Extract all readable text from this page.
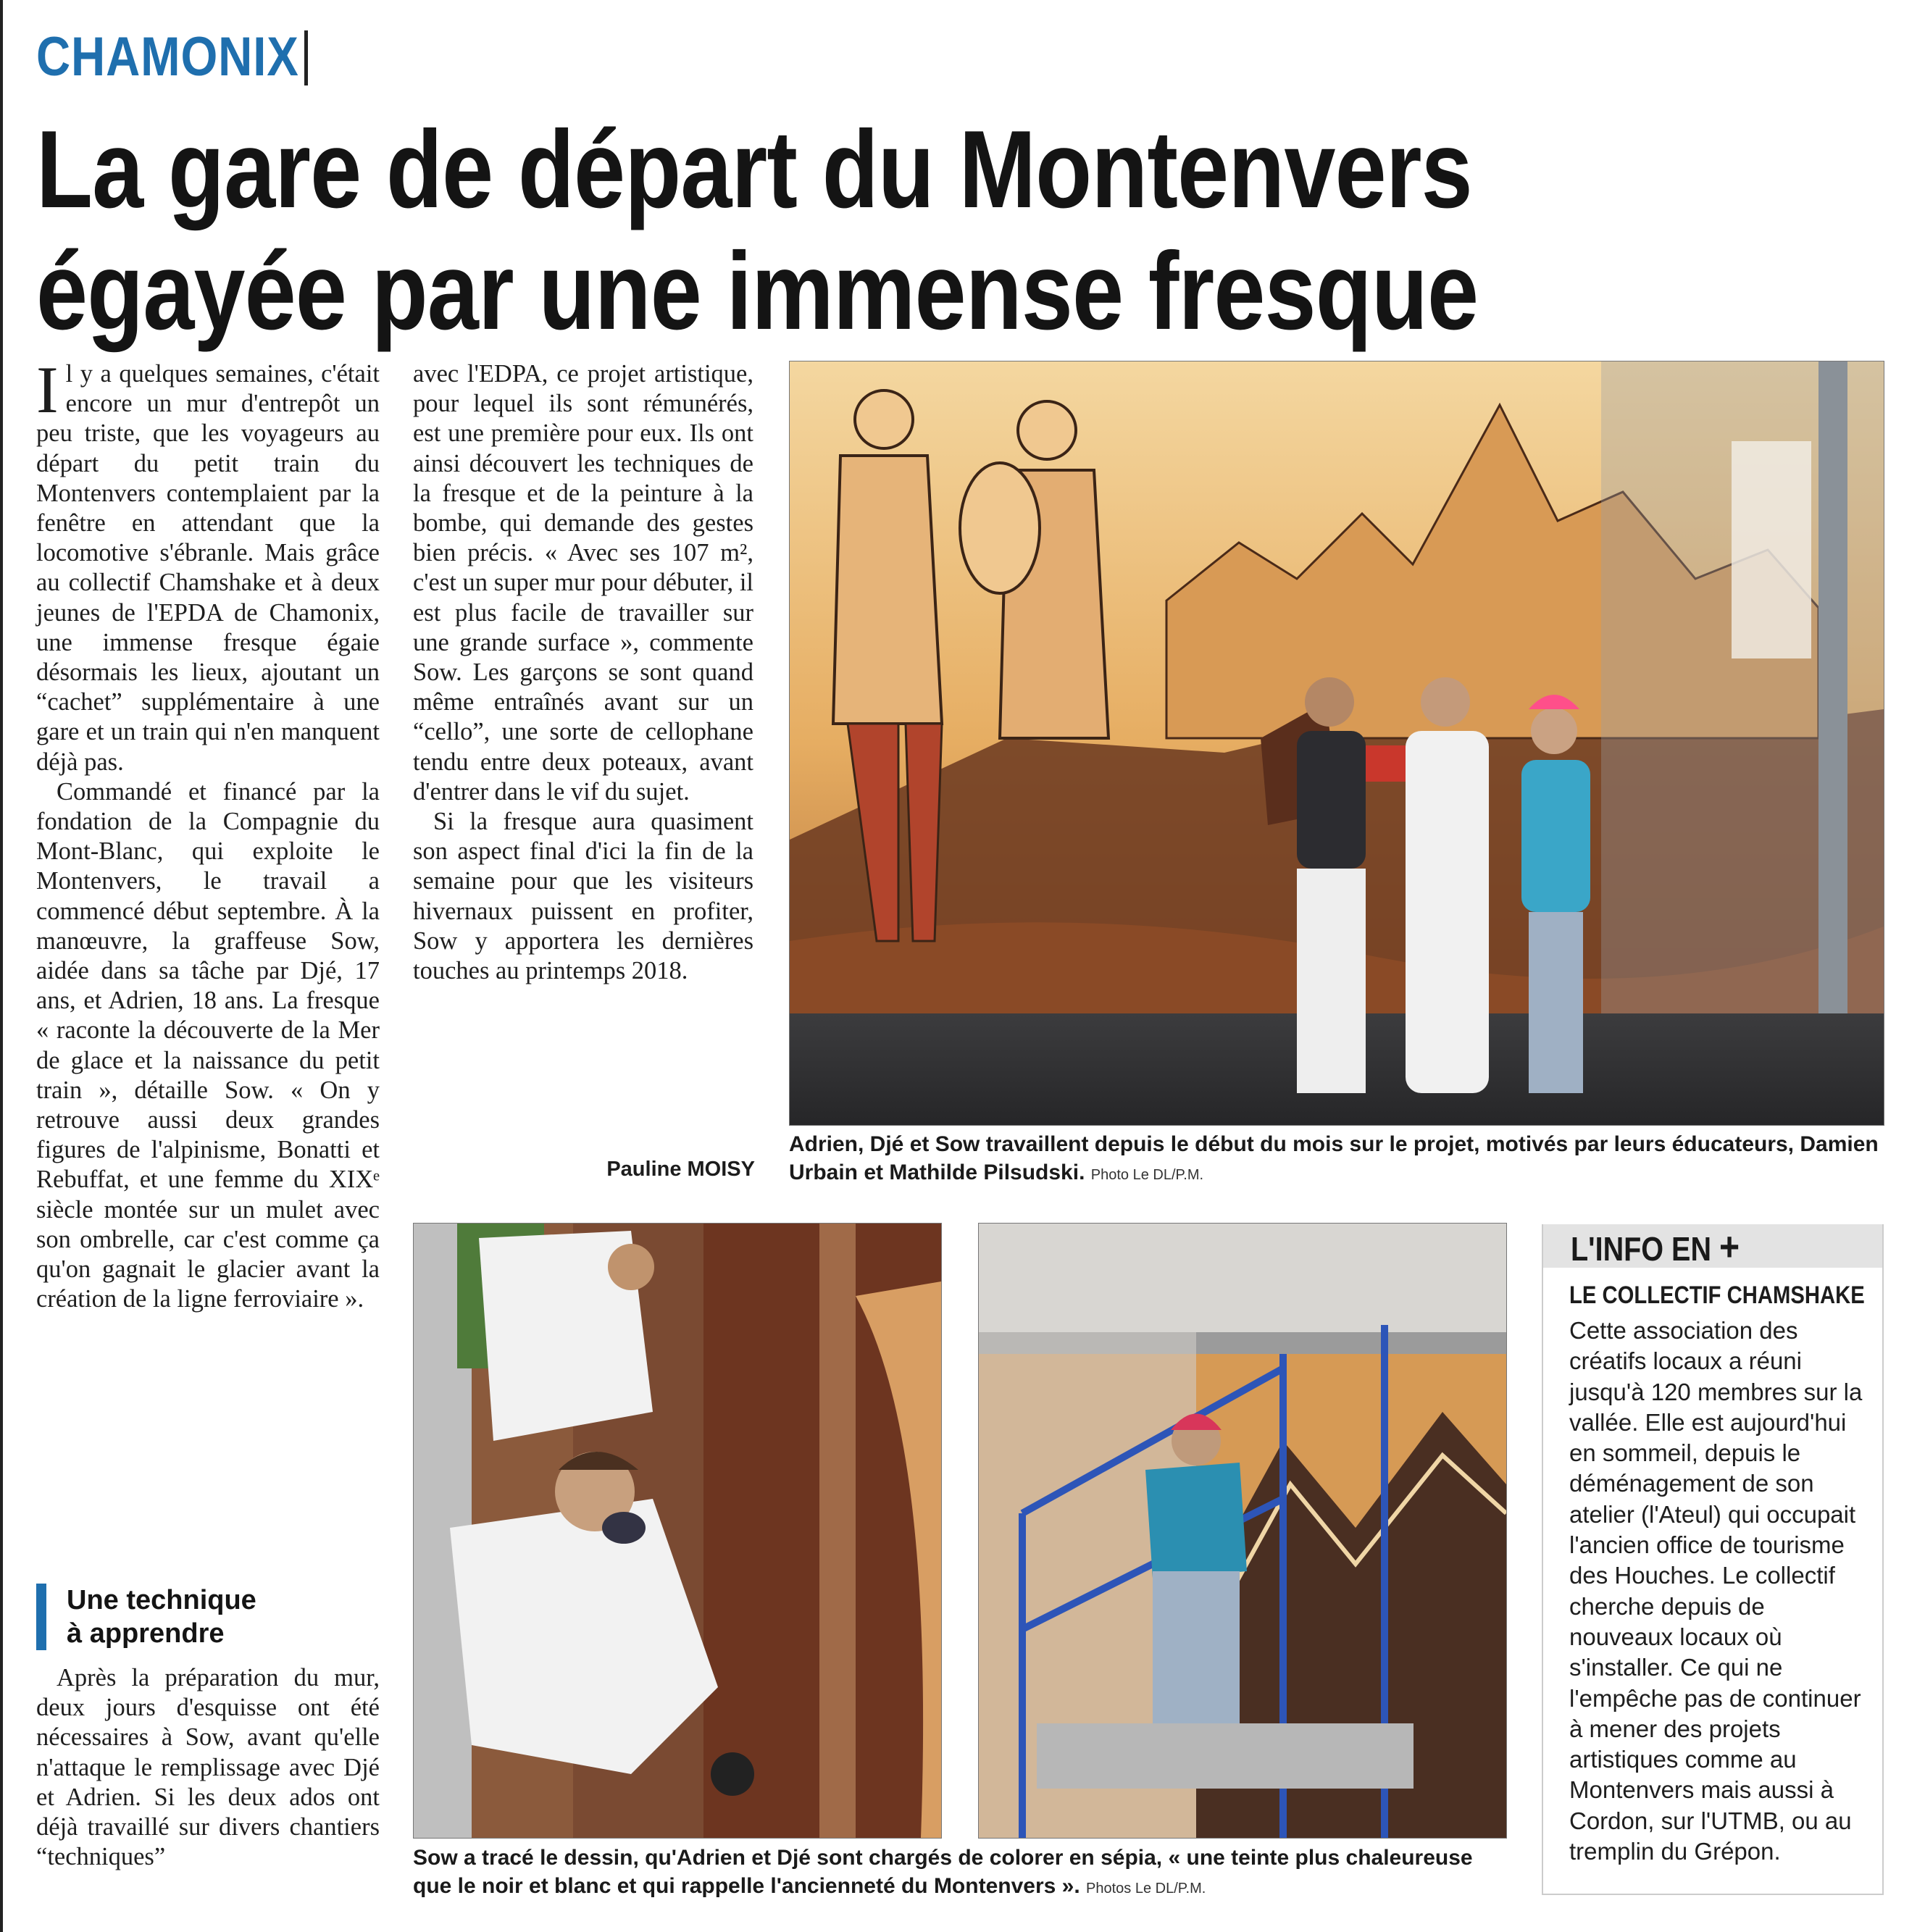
CHAMONIX
La gare de départ du Montenvers
égayée par une immense fresque

Il y a quelques semaines, c'était encore un mur d'entrepôt un peu triste, que les voyageurs au départ du petit train du Montenvers contemplaient par la fenêtre en attendant que la locomotive s'ébranle. Mais grâce au collectif Chamshake et à deux jeunes de l'EPDA de Chamonix, une immense fresque égaie désormais les lieux, ajoutant un “cachet” supplémentaire à une gare et un train qui n'en manquent déjà pas.

Commandé et financé par la fondation de la Compagnie du Mont-Blanc, qui exploite le Montenvers, le travail a commencé début septembre. À la manœuvre, la graffeuse Sow, aidée dans sa tâche par Djé, 17 ans, et Adrien, 18 ans. La fresque « raconte la découverte de la Mer de glace et la naissance du petit train », détaille Sow. « On y retrouve aussi deux grandes figures de l'alpinisme, Bonatti et Rebuffat, et une femme du XIXᵉ siècle montée sur un mulet avec son ombrelle, car c'est comme ça qu'on gagnait le glacier avant la création de la ligne ferroviaire ».

Une technique
à apprendre

Après la préparation du mur, deux jours d'esquisse ont été nécessaires à Sow, avant qu'elle n'attaque le remplissage avec Djé et Adrien. Si les deux ados ont déjà travaillé sur divers chantiers “techniques”

avec l'EDPA, ce projet artistique, pour lequel ils sont rémunérés, est une première pour eux. Ils ont ainsi découvert les techniques de la fresque et de la peinture à la bombe, qui demande des gestes bien précis. « Avec ses 107 m², c'est un super mur pour débuter, il est plus facile de travailler sur une grande surface », commente Sow. Les garçons se sont quand même entraînés avant sur un “cello”, une sorte de cellophane tendu entre deux poteaux, avant d'entrer dans le vif du sujet.

Si la fresque aura quasiment son aspect final d'ici la fin de la semaine pour que les visiteurs hivernaux puissent en profiter, Sow y apportera les dernières touches au printemps 2018.

Pauline MOISY

Adrien, Djé et Sow travaillent depuis le début du mois sur le projet, motivés par leurs éducateurs, Damien Urbain et Mathilde Pilsudski. Photo Le DL/P.M.

Sow a tracé le dessin, qu'Adrien et Djé sont chargés de colorer en sépia, « une teinte plus chaleureuse que le noir et blanc et qui rappelle l'ancienneté du Montenvers ». Photos Le DL/P.M.

L'INFO EN +
LE COLLECTIF CHAMSHAKE
Cette association des créatifs locaux a réuni jusqu'à 120 membres sur la vallée. Elle est aujourd'hui en sommeil, depuis le déménagement de son atelier (l'Ateul) qui occupait l'ancien office de tourisme des Houches. Le collectif cherche depuis de nouveaux locaux où s'installer. Ce qui ne l'empêche pas de continuer à mener des projets artistiques comme au Montenvers mais aussi à Cordon, sur l'UTMB, ou au tremplin du Grépon.
